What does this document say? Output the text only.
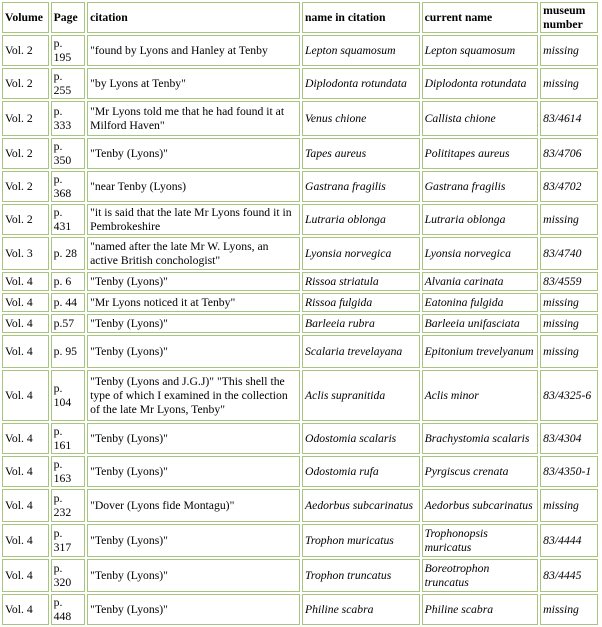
Volume	Page	citation	name in citation	current name	museum number
Vol. 2	p. 195	"found by Lyons and Hanley at Tenby	Lepton squamosum	Lepton squamosum	missing
Vol. 2	p. 255	"by Lyons at Tenby"	Diplodonta rotundata	Diplodonta rotundata	missing
Vol. 2	p. 333	"Mr Lyons told me that he had found it at Milford Haven"	Venus chione	Callista chione	83/4614
Vol. 2	p. 350	"Tenby (Lyons)"	Tapes aureus	Polititapes aureus	83/4706
Vol. 2	p. 368	"near Tenby (Lyons)	Gastrana fragilis	Gastrana fragilis	83/4702
Vol. 2	p. 431	"it is said that the late Mr Lyons found it in Pembrokeshire	Lutraria oblonga	Lutraria oblonga	missing
Vol. 3	p. 28	"named after the late Mr W. Lyons, an active British conchologist"	Lyonsia norvegica	Lyonsia norvegica	83/4740
Vol. 4	p. 6	"Tenby (Lyons)"	Rissoa striatula	Alvania carinata	83/4559
Vol. 4	p. 44	"Mr Lyons noticed it at Tenby"	Rissoa fulgida	Eatonina fulgida	missing
Vol. 4	p.57	"Tenby (Lyons)"	Barleeia rubra	Barleeia unifasciata	missing
Vol. 4	p. 95	"Tenby (Lyons)"	Scalaria trevelayana	Epitonium trevelyanum	missing
Vol. 4	p. 104	"Tenby (Lyons and J.G.J)" "This shell the type of which I examined in the collection of the late Mr Lyons, Tenby"	Aclis supranitida	Aclis minor	83/4325-6
Vol. 4	p. 161	"Tenby (Lyons)"	Odostomia scalaris	Brachystomia scalaris	83/4304
Vol. 4	p. 163	"Tenby (Lyons)"	Odostomia rufa	Pyrgiscus crenata	83/4350-1
Vol. 4	p. 232	"Dover (Lyons fide Montagu)"	Aedorbus subcarinatus	Aedorbus subcarinatus	missing
Vol. 4	p. 317	"Tenby (Lyons)"	Trophon muricatus	Trophonopsis muricatus	83/4444
Vol. 4	p. 320	"Tenby (Lyons)"	Trophon truncatus	Boreotrophon truncatus	83/4445
Vol. 4	p. 448	"Tenby (Lyons)"	Philine scabra	Philine scabra	missing
